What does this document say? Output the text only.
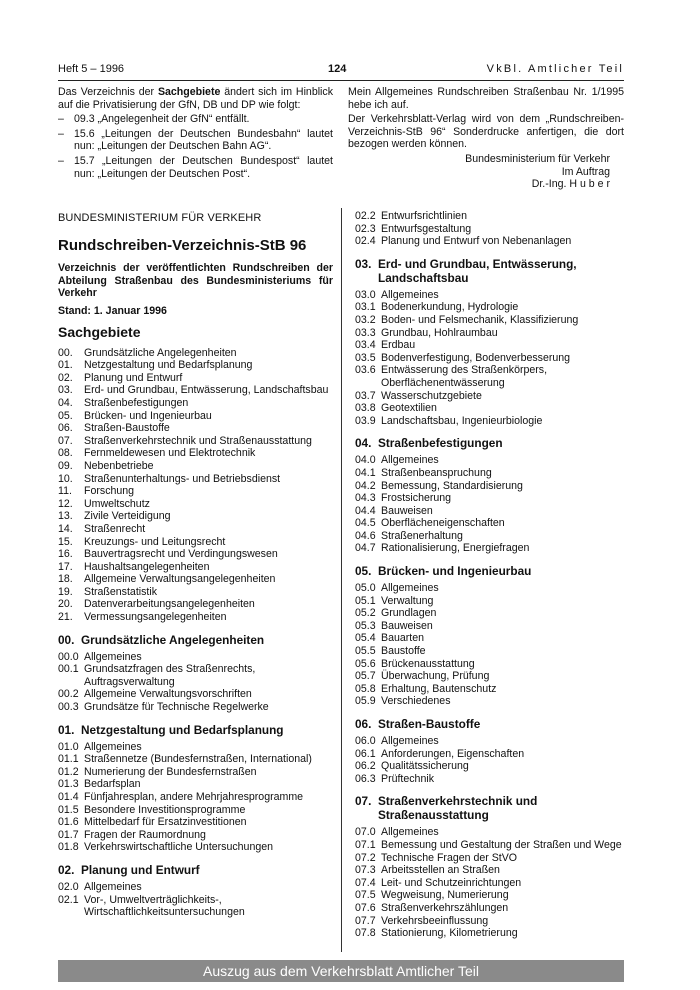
Heft 5 – 1996	124	VkBl. Amtlicher Teil

Das Verzeichnis der Sachgebiete ändert sich im Hinblick auf die Privatisierung der GfN, DB und DP wie folgt:

– 09.3 „Angelegenheit der GfN“ entfällt.
– 15.6 „Leitungen der Deutschen Bundesbahn“ lautet nun: „Leitungen der Deutschen Bahn AG“.
– 15.7 „Leitungen der Deutschen Bundespost“ lautet nun: „Leitungen der Deutschen Post“.

Mein Allgemeines Rundschreiben Straßenbau Nr. 1/1995 hebe ich auf.

Der Verkehrsblatt-Verlag wird von dem „Rundschreiben-Verzeichnis-StB 96“ Sonderdrucke anfertigen, die dort bezogen werden können.

Bundesministerium für Verkehr
Im Auftrag
Dr.-Ing. H u b e r
BUNDESMINISTERIUM FÜR VERKEHR
Rundschreiben-Verzeichnis-StB 96
Verzeichnis der veröffentlichten Rundschreiben der Abteilung Straßenbau des Bundesministeriums für Verkehr
Stand: 1. Januar 1996
Sachgebiete
00.	Grundsätzliche Angelegenheiten
01.	Netzgestaltung und Bedarfsplanung
02.	Planung und Entwurf
03.	Erd- und Grundbau, Entwässerung, Landschaftsbau
04.	Straßenbefestigungen
05.	Brücken- und Ingenieurbau
06.	Straßen-Baustoffe
07.	Straßenverkehrstechnik und Straßenausstattung
08.	Fernmeldewesen und Elektrotechnik
09.	Nebenbetriebe
10.	Straßenunterhaltungs- und Betriebsdienst
11.	Forschung
12.	Umweltschutz
13.	Zivile Verteidigung
14.	Straßenrecht
15.	Kreuzungs- und Leitungsrecht
16.	Bauvertragsrecht und Verdingungswesen
17.	Haushaltsangelegenheiten
18.	Allgemeine Verwaltungsangelegenheiten
19.	Straßenstatistik
20.	Datenverarbeitungsangelegenheiten
21.	Vermessungsangelegenheiten
00. Grundsätzliche Angelegenheiten
00.0 Allgemeines
00.1 Grundsatzfragen des Straßenrechts, Auftragsverwaltung
00.2 Allgemeine Verwaltungsvorschriften
00.3 Grundsätze für Technische Regelwerke
01. Netzgestaltung und Bedarfsplanung
01.0 Allgemeines
01.1 Straßennetze (Bundesfernstraßen, International)
01.2 Numerierung der Bundesfernstraßen
01.3 Bedarfsplan
01.4 Fünfjahresplan, andere Mehrjahresprogramme
01.5 Besondere Investitionsprogramme
01.6 Mittelbedarf für Ersatzinvestitionen
01.7 Fragen der Raumordnung
01.8 Verkehrswirtschaftliche Untersuchungen
02. Planung und Entwurf
02.0 Allgemeines
02.1 Vor-, Umweltverträglichkeits-, Wirtschaftlichkeitsuntersuchungen
02.2 Entwurfsrichtlinien
02.3 Entwurfsgestaltung
02.4 Planung und Entwurf von Nebenanlagen
03. Erd- und Grundbau, Entwässerung, Landschaftsbau
03.0 Allgemeines
03.1 Bodenerkundung, Hydrologie
03.2 Boden- und Felsmechanik, Klassifizierung
03.3 Grundbau, Hohlraumbau
03.4 Erdbau
03.5 Bodenverfestigung, Bodenverbesserung
03.6 Entwässerung des Straßenkörpers, Oberflächenentwässerung
03.7 Wasserschutzgebiete
03.8 Geotextilien
03.9 Landschaftsbau, Ingenieurbiologie
04. Straßenbefestigungen
04.0 Allgemeines
04.1 Straßenbeanspruchung
04.2 Bemessung, Standardisierung
04.3 Frostsicherung
04.4 Bauweisen
04.5 Oberflächeneigenschaften
04.6 Straßenerhaltung
04.7 Rationalisierung, Energiefragen
05. Brücken- und Ingenieurbau
05.0 Allgemeines
05.1 Verwaltung
05.2 Grundlagen
05.3 Bauweisen
05.4 Bauarten
05.5 Baustoffe
05.6 Brückenausstattung
05.7 Überwachung, Prüfung
05.8 Erhaltung, Bautenschutz
05.9 Verschiedenes
06. Straßen-Baustoffe
06.0 Allgemeines
06.1 Anforderungen, Eigenschaften
06.2 Qualitätssicherung
06.3 Prüftechnik
07. Straßenverkehrstechnik und Straßenausstattung
07.0 Allgemeines
07.1 Bemessung und Gestaltung der Straßen und Wege
07.2 Technische Fragen der StVO
07.3 Arbeitsstellen an Straßen
07.4 Leit- und Schutzeinrichtungen
07.5 Wegweisung, Numerierung
07.6 Straßenverkehrszählungen
07.7 Verkehrsbeeinflussung
07.8 Stationierung, Kilometrierung
Auszug aus dem Verkehrsblatt Amtlicher Teil
